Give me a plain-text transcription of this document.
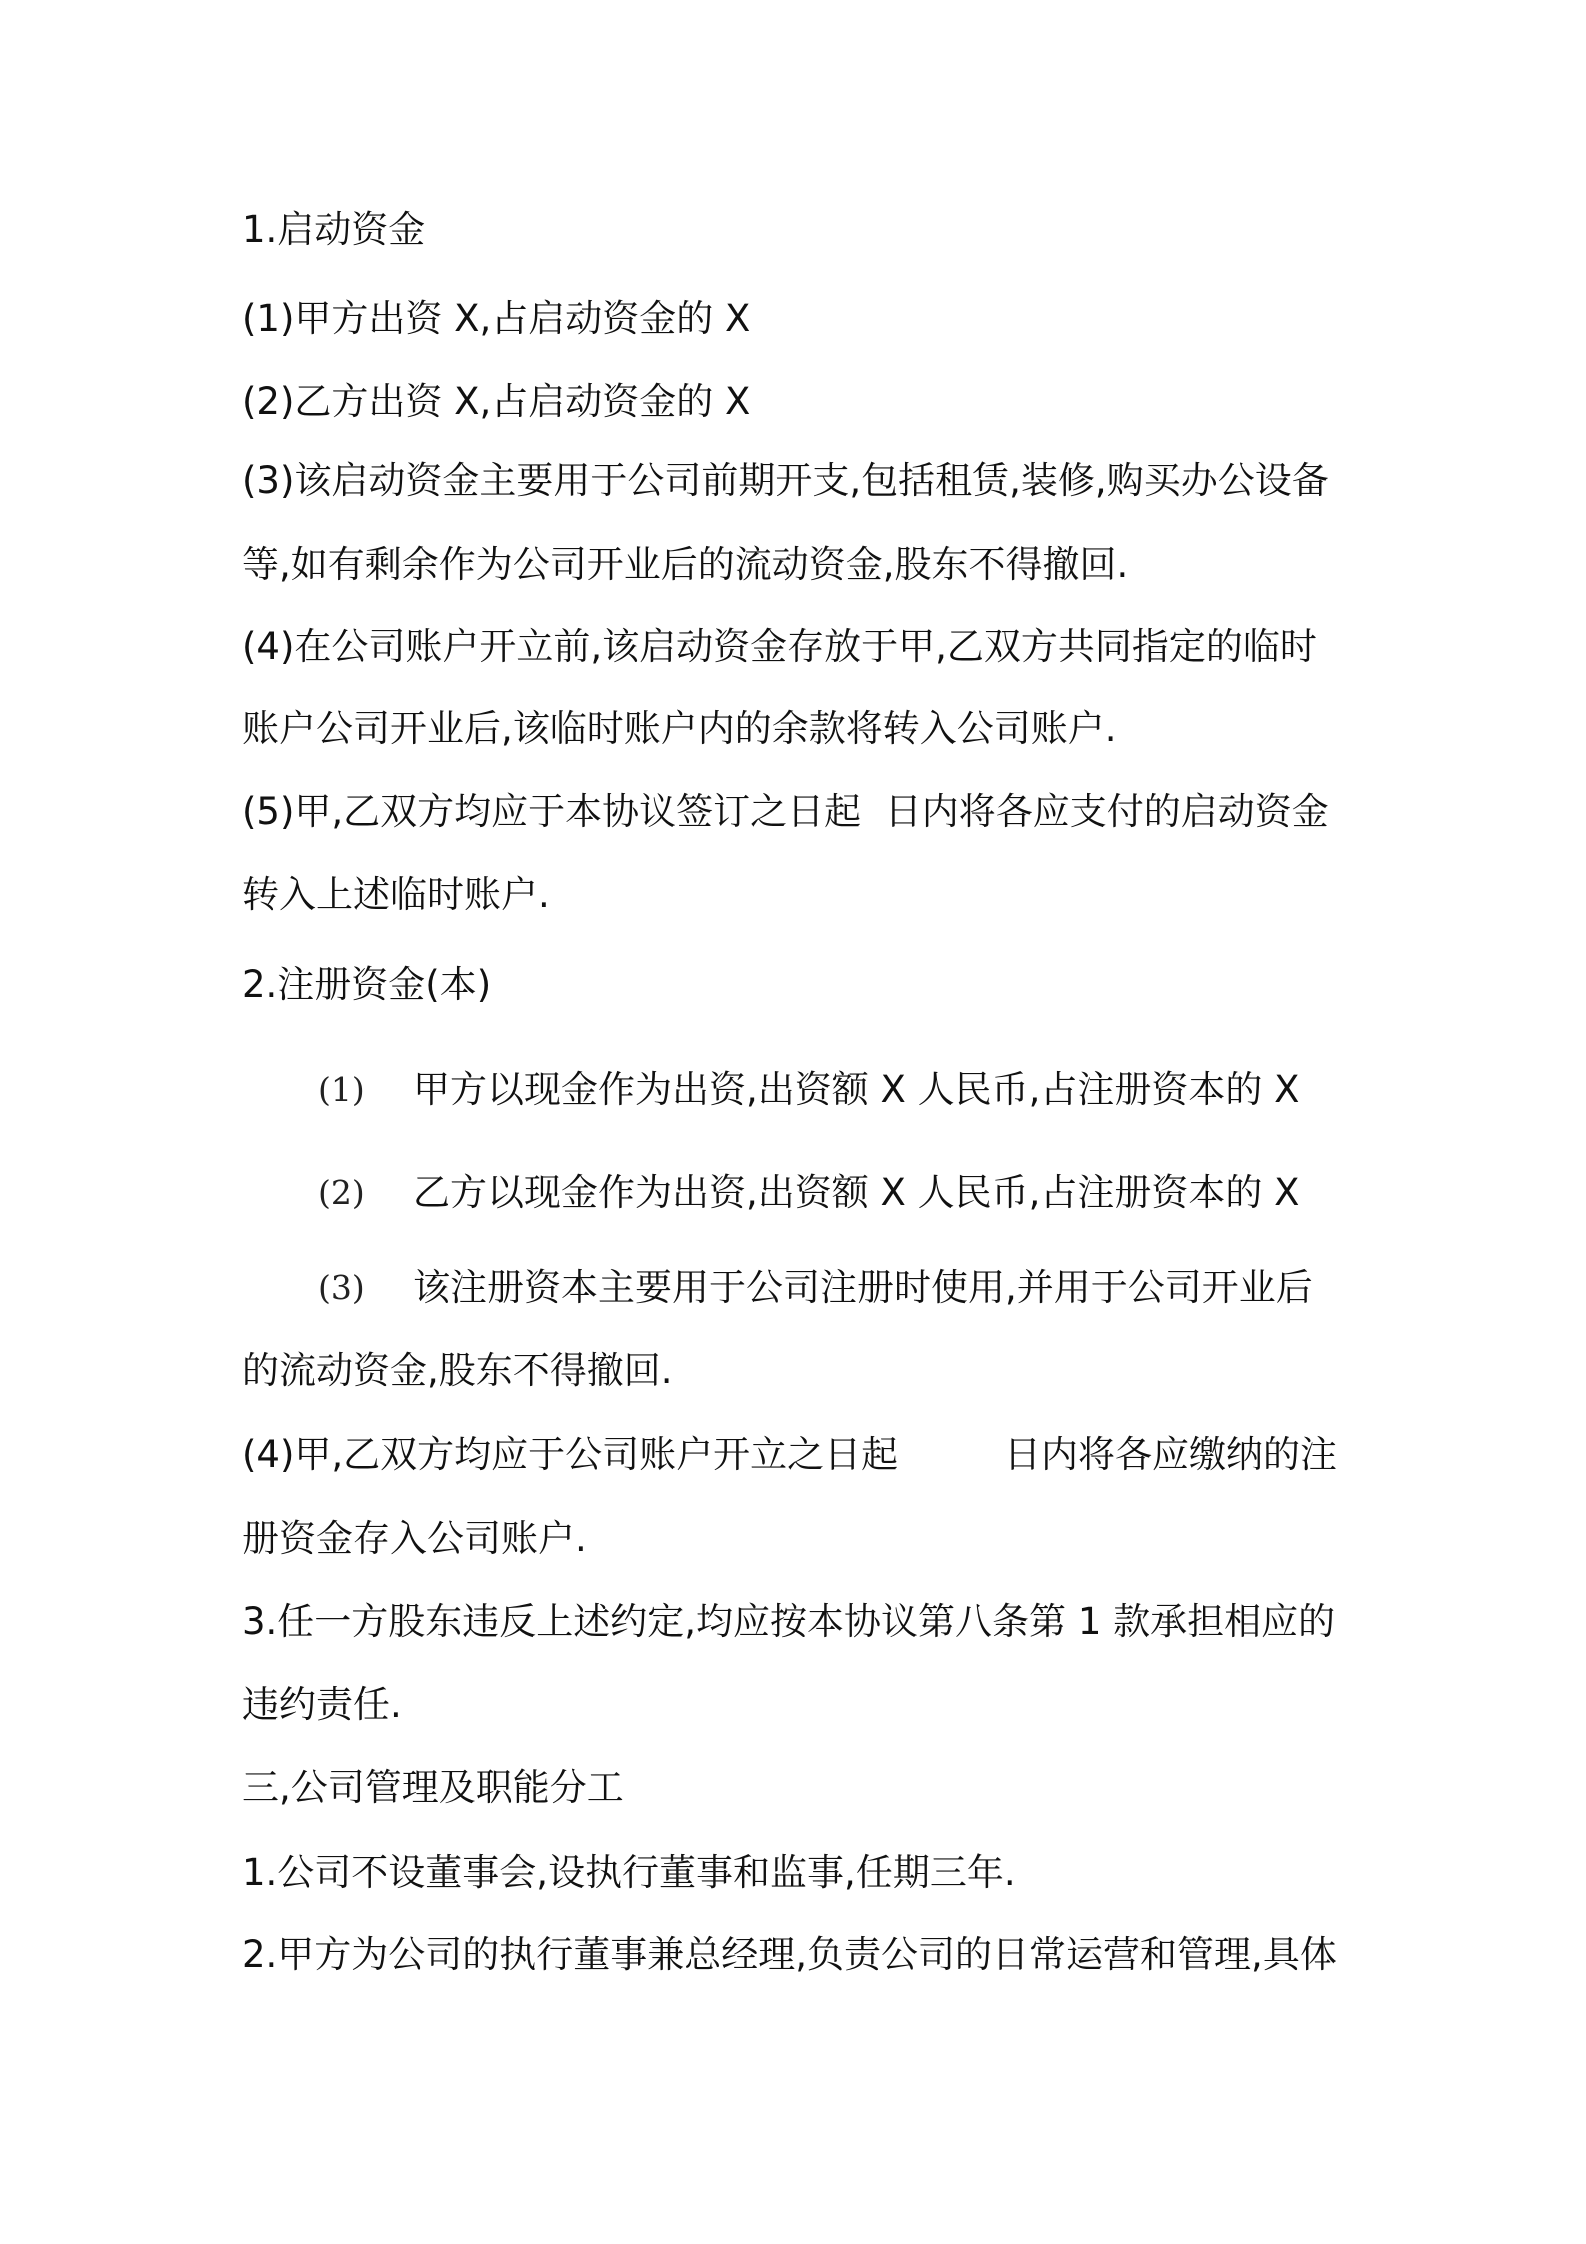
1.启动资金
(1)甲方出资 X,占启动资金的 X
(2)乙方出资 X,占启动资金的 X
(3)该启动资金主要用于公司前期开支,包括租赁,装修,购买办公设备
等,如有剩余作为公司开业后的流动资金,股东不得撤回.
(4)在公司账户开立前,该启动资金存放于甲,乙双方共同指定的临时
账户公司开业后,该临时账户内的余款将转入公司账户.
(5)甲,乙双方均应于本协议签订之日起  日内将各应支付的启动资金
转入上述临时账户.
2.注册资金(本)
(1) 甲方以现金作为出资,出资额 X 人民币,占注册资本的 X
(2) 乙方以现金作为出资,出资额 X 人民币,占注册资本的 X
(3) 该注册资本主要用于公司注册时使用,并用于公司开业后
的流动资金,股东不得撤回.
(4)甲,乙双方均应于公司账户开立之日起         日内将各应缴纳的注
册资金存入公司账户.
3.任一方股东违反上述约定,均应按本协议第八条第 1 款承担相应的
违约责任.
三,公司管理及职能分工
1.公司不设董事会,设执行董事和监事,任期三年.
2.甲方为公司的执行董事兼总经理,负责公司的日常运营和管理,具体
